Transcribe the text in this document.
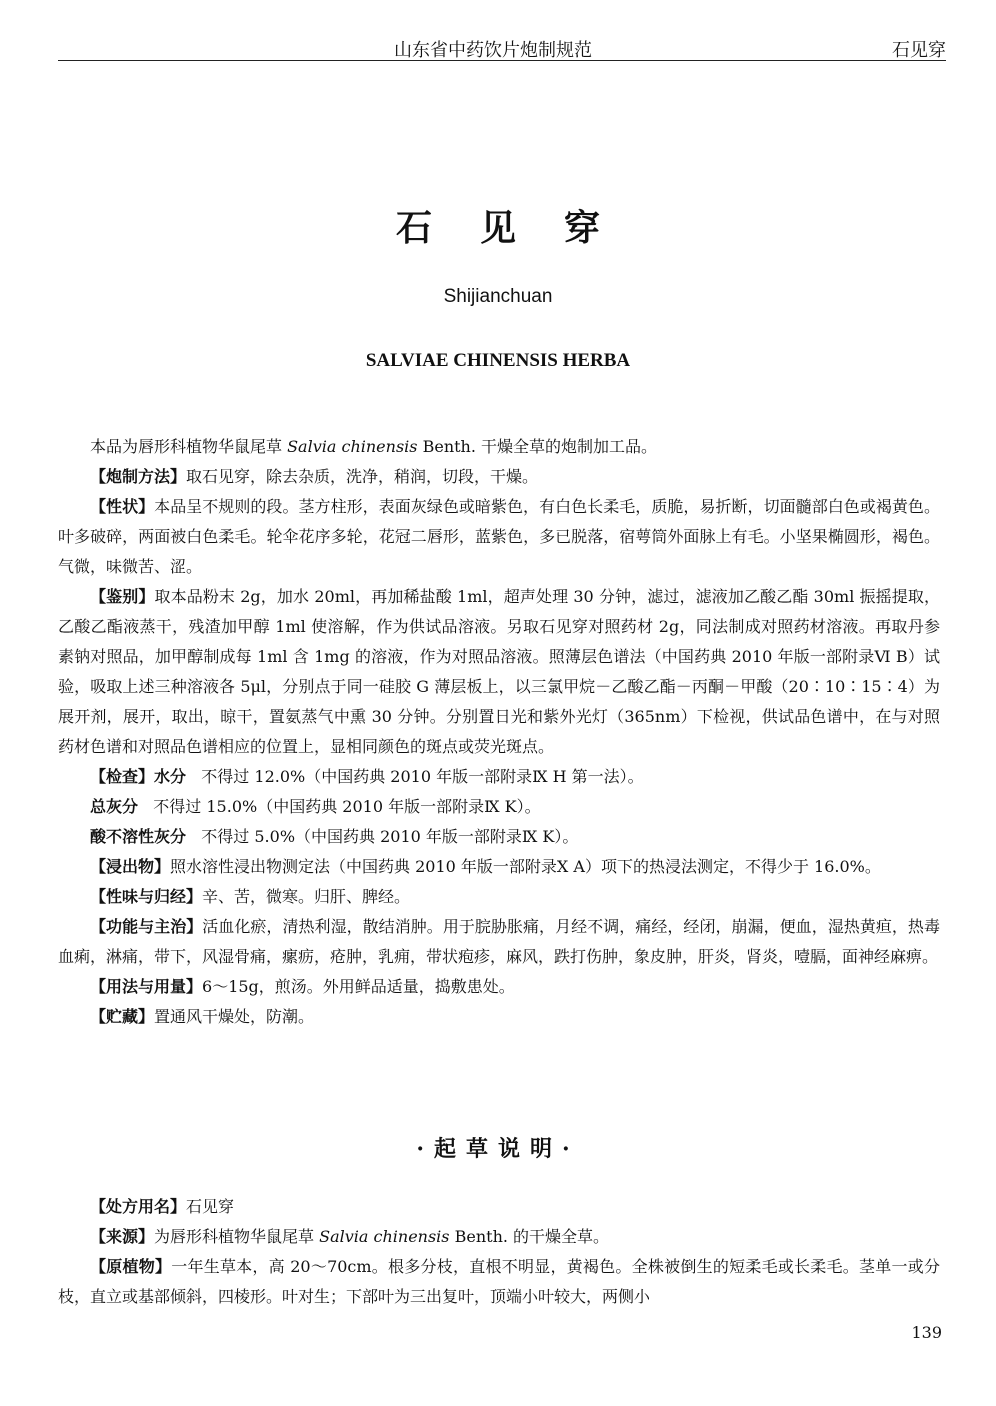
山东省中药饮片炮制规范	石见穿
石见穿
Shijianchuan
SALVIAE CHINENSIS HERBA

本品为唇形科植物华鼠尾草 Salvia chinensis Benth. 干燥全草的炮制加工品。

【炮制方法】取石见穿，除去杂质，洗净，稍润，切段，干燥。

【性状】本品呈不规则的段。茎方柱形，表面灰绿色或暗紫色，有白色长柔毛，质脆，易折断，切面髓部白色或褐黄色。叶多破碎，两面被白色柔毛。轮伞花序多轮，花冠二唇形，蓝紫色，多已脱落，宿萼筒外面脉上有毛。小坚果椭圆形，褐色。气微，味微苦、涩。

【鉴别】取本品粉末 2g，加水 20ml，再加稀盐酸 1ml，超声处理 30 分钟，滤过，滤液加乙酸乙酯 30ml 振摇提取，乙酸乙酯液蒸干，残渣加甲醇 1ml 使溶解，作为供试品溶液。另取石见穿对照药材 2g，同法制成对照药材溶液。再取丹参素钠对照品，加甲醇制成每 1ml 含 1mg 的溶液，作为对照品溶液。照薄层色谱法（中国药典 2010 年版一部附录Ⅵ B）试验，吸取上述三种溶液各 5μl，分别点于同一硅胶 G 薄层板上，以三氯甲烷－乙酸乙酯－丙酮－甲酸（20∶10∶15∶4）为展开剂，展开，取出，晾干，置氨蒸气中熏 30 分钟。分别置日光和紫外光灯（365nm）下检视，供试品色谱中，在与对照药材色谱和对照品色谱相应的位置上，显相同颜色的斑点或荧光斑点。

【检查】水分 不得过 12.0%（中国药典 2010 年版一部附录Ⅸ H 第一法）。

总灰分 不得过 15.0%（中国药典 2010 年版一部附录Ⅸ K）。

酸不溶性灰分 不得过 5.0%（中国药典 2010 年版一部附录Ⅸ K）。

【浸出物】照水溶性浸出物测定法（中国药典 2010 年版一部附录Ⅹ A）项下的热浸法测定，不得少于 16.0%。

【性味与归经】辛、苦，微寒。归肝、脾经。

【功能与主治】活血化瘀，清热利湿，散结消肿。用于脘胁胀痛，月经不调，痛经，经闭，崩漏，便血，湿热黄疸，热毒血痢，淋痛，带下，风湿骨痛，瘰疬，疮肿，乳痈，带状疱疹，麻风，跌打伤肿，象皮肿，肝炎，肾炎，噎膈，面神经麻痹。

【用法与用量】6～15g，煎汤。外用鲜品适量，捣敷患处。

【贮藏】置通风干燥处，防潮。

·起草说明·

【处方用名】石见穿

【来源】为唇形科植物华鼠尾草 Salvia chinensis Benth. 的干燥全草。

【原植物】一年生草本，高 20～70cm。根多分枝，直根不明显，黄褐色。全株被倒生的短柔毛或长柔毛。茎单一或分枝，直立或基部倾斜，四棱形。叶对生；下部叶为三出复叶，顶端小叶较大，两侧小

139
